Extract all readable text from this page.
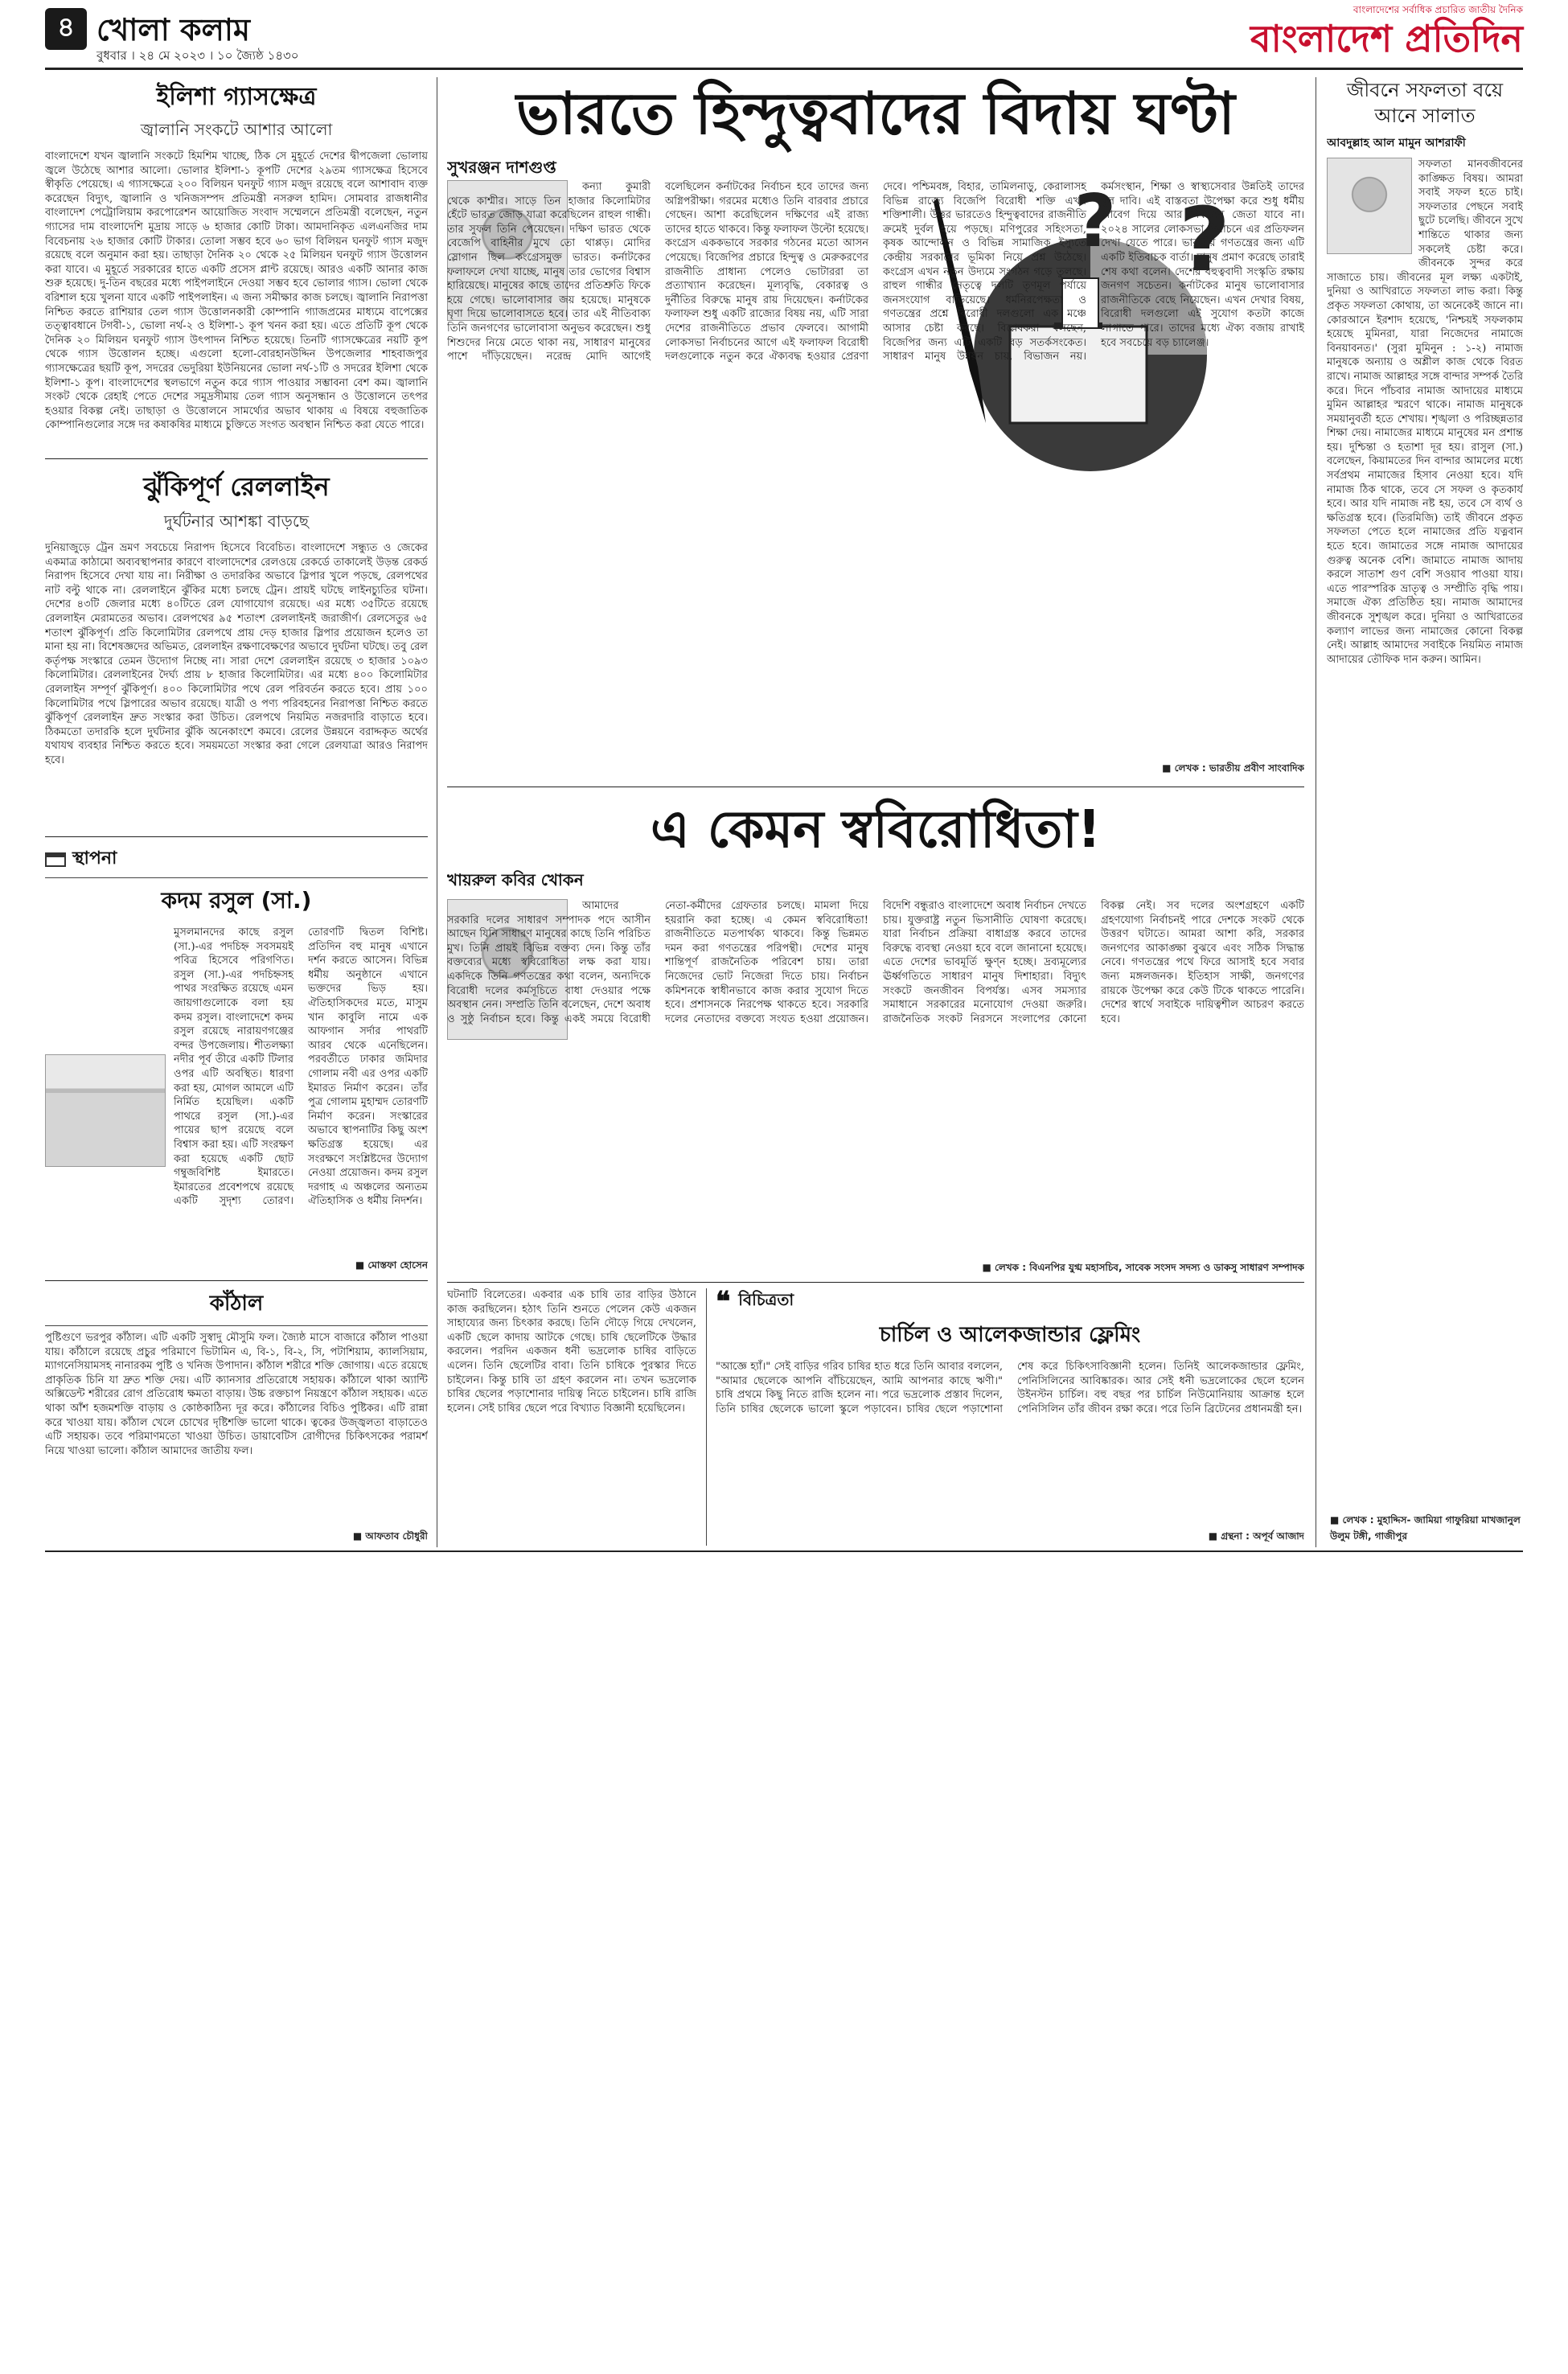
৪ খোলা কলাম
বুধবার । ২৪ মে ২০২৩ । ১০ জ্যৈষ্ঠ ১৪৩০
বাংলাদেশের সর্বাধিক প্রচারিত জাতীয় দৈনিক
বাংলাদেশ প্রতিদিন
ইলিশা গ্যাসক্ষেত্র
জ্বালানি সংকটে আশার আলো
বাংলাদেশে যখন জ্বালানি সংকটে হিমশিম খাচ্ছে, ঠিক সে মুহূর্তে দেশের দ্বীপজেলা ভোলায় জ্বলে উঠেছে আশার আলো। ভোলার ইলিশা-১ কূপটি দেশের ২৯তম গ্যাসক্ষেত্র হিসেবে স্বীকৃতি পেয়েছে। এ গ্যাসক্ষেত্রে ২০০ বিলিয়ন ঘনফুট গ্যাস মজুদ রয়েছে বলে আশাবাদ ব্যক্ত করেছেন বিদ্যুৎ, জ্বালানি ও খনিজসম্পদ প্রতিমন্ত্রী নসরুল হামিদ। সোমবার রাজধানীর বাংলাদেশ পেট্রোলিয়াম করপোরেশন আয়োজিত সংবাদ সম্মেলনে প্রতিমন্ত্রী বলেছেন, নতুন গ্যাসের দাম বাংলাদেশি মুদ্রায় সাড়ে ৬ হাজার কোটি টাকা। আমদানিকৃত এলএনজির দাম বিবেচনায় ২৬ হাজার কোটি টাকার। তোলা সম্ভব হবে ৬০ ভাগ বিলিয়ন ঘনফুট গ্যাস মজুদ রয়েছে বলে অনুমান করা হয়। তাছাড়া দৈনিক ২০ থেকে ২৫ মিলিয়ন ঘনফুট গ্যাস উত্তোলন করা যাবে। এ মুহূর্তে সরকারের হাতে একটি প্রসেস প্লান্ট রয়েছে। আরও একটি আনার কাজ শুরু হয়েছে। দু-তিন বছরের মধ্যে পাইপলাইনে দেওয়া সম্ভব হবে ভোলার গ্যাস। ভোলা থেকে বরিশাল হয়ে খুলনা যাবে একটি পাইপলাইন। এ জন্য সমীক্ষার কাজ চলছে। জ্বালানি নিরাপত্তা নিশ্চিত করতে রাশিয়ার তেল গ্যাস উত্তোলনকারী কোম্পানি গ্যাজপ্রমের মাধ্যমে বাপেক্সের তত্ত্বাবধানে টগবী-১, ভোলা নর্থ-২ ও ইলিশা-১ কূপ খনন করা হয়। এতে প্রতিটি কূপ থেকে দৈনিক ২০ মিলিয়ন ঘনফুট গ্যাস উৎপাদন নিশ্চিত হয়েছে। তিনটি গ্যাসক্ষেত্রের নয়টি কূপ থেকে গ্যাস উত্তোলন হচ্ছে। এগুলো হলো-বোরহানউদ্দিন উপজেলার শাহবাজপুর গ্যাসক্ষেত্রের ছয়টি কূপ, সদরের ভেদুরিয়া ইউনিয়নের ভোলা নর্থ-১টি ও সদরের ইলিশা থেকে ইলিশা-১ কূপ। বাংলাদেশের স্থলভাগে নতুন করে গ্যাস পাওয়ার সম্ভাবনা বেশ কম। জ্বালানি সংকট থেকে রেহাই পেতে দেশের সমুদ্রসীমায় তেল গ্যাস অনুসন্ধান ও উত্তোলনে তৎপর হওয়ার বিকল্প নেই। তাছাড়া ও উত্তোলনে সামর্থ্যের অভাব থাকায় এ বিষয়ে বহুজাতিক কোম্পানিগুলোর সঙ্গে দর কষাকষির মাধ্যমে চুক্তিতে সংগত অবস্থান নিশ্চিত করা যেতে পারে।
ঝুঁকিপূর্ণ রেললাইন
দুর্ঘটনার আশঙ্কা বাড়ছে
দুনিয়াজুড়ে ট্রেন ভ্রমণ সবচেয়ে নিরাপদ হিসেবে বিবেচিত। বাংলাদেশে সন্ধ্যুত ও জেকের একমাত্র কাঠামো অব্যবস্থাপনার কারণে বাংলাদেশের রেলওয়ে রেকর্ডে তাকালেই উড়ন্ত রেকর্ড নিরাপদ হিসেবে দেখা যায় না। নিরীক্ষা ও তদারকির অভাবে স্লিপার খুলে পড়ছে, রেলপথের নাট বল্টু থাকে না। রেললাইনে ঝুঁকির মধ্যে চলছে ট্রেন। প্রায়ই ঘটছে লাইনচ্যুতির ঘটনা। দেশের ৪৩টি জেলার মধ্যে ৪০টিতে রেল যোগাযোগ রয়েছে। এর মধ্যে ৩৫টিতে রয়েছে রেললাইন মেরামতের অভাব। রেলপথের ৯৫ শতাংশ রেললাইনই জরাজীর্ণ। রেলসেতুর ৬৫ শতাংশ ঝুঁকিপূর্ণ। প্রতি কিলোমিটার রেলপথে প্রায় দেড় হাজার স্লিপার প্রয়োজন হলেও তা মানা হয় না। বিশেষজ্ঞদের অভিমত, রেললাইন রক্ষণাবেক্ষণের অভাবে দুর্ঘটনা ঘটছে। তবু রেল কর্তৃপক্ষ সংস্কারে তেমন উদ্যোগ নিচ্ছে না। সারা দেশে রেললাইন রয়েছে ৩ হাজার ১০৯৩ কিলোমিটার। রেললাইনের দৈর্ঘ্য প্রায় ৮ হাজার কিলোমিটার। এর মধ্যে ৪০০ কিলোমিটার রেললাইন সম্পূর্ণ ঝুঁকিপূর্ণ। ৪০০ কিলোমিটার পথে রেল পরিবর্তন করতে হবে। প্রায় ১০০ কিলোমিটার পথে স্লিপারের অভাব রয়েছে। যাত্রী ও পণ্য পরিবহনের নিরাপত্তা নিশ্চিত করতে ঝুঁকিপূর্ণ রেললাইন দ্রুত সংস্কার করা উচিত। রেলপথে নিয়মিত নজরদারি বাড়াতে হবে। ঠিকমতো তদারকি হলে দুর্ঘটনার ঝুঁকি অনেকাংশে কমবে। রেলের উন্নয়নে বরাদ্দকৃত অর্থের যথাযথ ব্যবহার নিশ্চিত করতে হবে। সময়মতো সংস্কার করা গেলে রেলযাত্রা আরও নিরাপদ হবে।
স্থাপনা
কদম রসুল (সা.)
মুসলমানদের কাছে রসুল (সা.)-এর পদচিহ্ন সবসময়ই পবিত্র হিসেবে পরিগণিত। রসুল (সা.)-এর পদচিহ্নসহ পাথর সংরক্ষিত রয়েছে এমন জায়গাগুলোকে বলা হয় কদম রসুল। বাংলাদেশে কদম রসুল রয়েছে নারায়ণগঞ্জের বন্দর উপজেলায়। শীতলক্ষ্যা নদীর পূর্ব তীরে একটি টিলার ওপর এটি অবস্থিত। ধারণা করা হয়, মোগল আমলে এটি নির্মিত হয়েছিল। একটি পাথরে রসুল (সা.)-এর পায়ের ছাপ রয়েছে বলে বিশ্বাস করা হয়। এটি সংরক্ষণ করা হয়েছে একটি ছোট গম্বুজবিশিষ্ট ইমারতে। ইমারতের প্রবেশপথে রয়েছে একটি সুদৃশ্য তোরণ। তোরণটি দ্বিতল বিশিষ্ট। প্রতিদিন বহু মানুষ এখানে দর্শন করতে আসেন। বিভিন্ন ধর্মীয় অনুষ্ঠানে এখানে ভক্তদের ভিড় হয়। ঐতিহাসিকদের মতে, মাসুম খান কাবুলি নামে এক আফগান সর্দার পাথরটি আরব থেকে এনেছিলেন। পরবর্তীতে ঢাকার জমিদার গোলাম নবী এর ওপর একটি ইমারত নির্মাণ করেন। তাঁর পুত্র গোলাম মুহাম্মদ তোরণটি নির্মাণ করেন। সংস্কারের অভাবে স্থাপনাটির কিছু অংশ ক্ষতিগ্রস্ত হয়েছে। এর সংরক্ষণে সংশ্লিষ্টদের উদ্যোগ নেওয়া প্রয়োজন। কদম রসুল দরগাহ এ অঞ্চলের অন্যতম ঐতিহাসিক ও ধর্মীয় নিদর্শন।
■ মোস্তফা হোসেন
কাঁঠাল
পুষ্টিগুণে ভরপুর কাঁঠাল। এটি একটি সুস্বাদু মৌসুমি ফল। জ্যৈষ্ঠ মাসে বাজারে কাঁঠাল পাওয়া যায়। কাঁঠালে রয়েছে প্রচুর পরিমাণে ভিটামিন এ, বি-১, বি-২, সি, পটাশিয়াম, ক্যালসিয়াম, ম্যাগনেসিয়ামসহ নানারকম পুষ্টি ও খনিজ উপাদান। কাঁঠাল শরীরে শক্তি জোগায়। এতে রয়েছে প্রাকৃতিক চিনি যা দ্রুত শক্তি দেয়। এটি ক্যানসার প্রতিরোধে সহায়ক। কাঁঠালে থাকা অ্যান্টি অক্সিডেন্ট শরীরের রোগ প্রতিরোধ ক্ষমতা বাড়ায়। উচ্চ রক্তচাপ নিয়ন্ত্রণে কাঁঠাল সহায়ক। এতে থাকা আঁশ হজমশক্তি বাড়ায় ও কোষ্ঠকাঠিন্য দূর করে। কাঁঠালের বিচিও পুষ্টিকর। এটি রান্না করে খাওয়া যায়। কাঁঠাল খেলে চোখের দৃষ্টিশক্তি ভালো থাকে। ত্বকের উজ্জ্বলতা বাড়াতেও এটি সহায়ক। তবে পরিমাণমতো খাওয়া উচিত। ডায়াবেটিস রোগীদের চিকিৎসকের পরামর্শ নিয়ে খাওয়া ভালো। কাঁঠাল আমাদের জাতীয় ফল।
■ আফতাব চৌধুরী
ভারতে হিন্দুত্ববাদের বিদায় ঘণ্টা
সুখরঞ্জন দাশগুপ্ত
?
?
কন্যা কুমারী থেকে কাশ্মীর। সাড়ে তিন হাজার কিলোমিটার হেঁটে ভারত জোড় যাত্রা করেছিলেন রাহুল গান্ধী। তার সুফল তিনি পেয়েছেন। দক্ষিণ ভারত থেকে বেজেপি বাহিনীর মুখে তো থাপ্পড়। মোদির স্লোগান ছিল কংগ্রেসমুক্ত ভারত। কর্নাটকের ফলাফলে দেখা যাচ্ছে, মানুষ তার ভোগের বিশ্বাস হারিয়েছে। মানুষের কাছে তাদের প্রতিশ্রুতি ফিকে হয়ে গেছে। ভালোবাসার জয় হয়েছে। মানুষকে ঘৃণা দিয়ে ভালোবাসতে হবে। তার এই নীতিবাক্য তিনি জনগণের ভালোবাসা অনুভব করেছেন। শুধু শিশুদের নিয়ে মেতে থাকা নয়, সাধারণ মানুষের পাশে দাঁড়িয়েছেন। নরেন্দ্র মোদি আগেই বলেছিলেন কর্নাটকের নির্বাচন হবে তাদের জন্য অগ্নিপরীক্ষা। গরমের মধ্যেও তিনি বারবার প্রচারে গেছেন। আশা করেছিলেন দক্ষিণের এই রাজ্য তাদের হাতে থাকবে। কিন্তু ফলাফল উল্টো হয়েছে। কংগ্রেস এককভাবে সরকার গঠনের মতো আসন পেয়েছে। বিজেপির প্রচারে হিন্দুত্ব ও মেরুকরণের রাজনীতি প্রাধান্য পেলেও ভোটাররা তা প্রত্যাখ্যান করেছেন। মূল্যবৃদ্ধি, বেকারত্ব ও দুর্নীতির বিরুদ্ধে মানুষ রায় দিয়েছেন। কর্নাটকের ফলাফল শুধু একটি রাজ্যের বিষয় নয়, এটি সারা দেশের রাজনীতিতে প্রভাব ফেলবে। আগামী লোকসভা নির্বাচনের আগে এই ফলাফল বিরোধী দলগুলোকে নতুন করে ঐক্যবদ্ধ হওয়ার প্রেরণা দেবে। পশ্চিমবঙ্গ, বিহার, তামিলনাড়ু, কেরালাসহ বিভিন্ন রাজ্যে বিজেপি বিরোধী শক্তি এখন শক্তিশালী। উত্তর ভারতেও হিন্দুত্ববাদের রাজনীতি ক্রমেই দুর্বল হয়ে পড়ছে। মণিপুরের সহিংসতা, কৃষক আন্দোলন ও বিভিন্ন সামাজিক ইস্যুতে কেন্দ্রীয় সরকারের ভূমিকা নিয়ে প্রশ্ন উঠেছে। কংগ্রেস এখন নতুন উদ্যমে সংগঠন গড়ে তুলছে। রাহুল গান্ধীর নেতৃত্বে দলটি তৃণমূল পর্যায়ে জনসংযোগ বাড়িয়েছে। ধর্মনিরপেক্ষতা ও গণতন্ত্রের প্রশ্নে বিরোধী দলগুলো এক মঞ্চে আসার চেষ্টা করছে। বিশ্লেষকরা বলছেন, বিজেপির জন্য এটি একটি বড় সতর্কসংকেত। সাধারণ মানুষ উন্নয়ন চায়, বিভাজন নয়। কর্মসংস্থান, শিক্ষা ও স্বাস্থ্যসেবার উন্নতিই তাদের মূল দাবি। এই বাস্তবতা উপেক্ষা করে শুধু ধর্মীয় আবেগ দিয়ে আর নির্বাচনে জেতা যাবে না। ২০২৪ সালের লোকসভা নির্বাচনে এর প্রতিফলন দেখা যেতে পারে। ভারতীয় গণতন্ত্রের জন্য এটি একটি ইতিবাচক বার্তা। মানুষ প্রমাণ করেছে তারাই শেষ কথা বলেন। দেশের বহুত্ববাদী সংস্কৃতি রক্ষায় জনগণ সচেতন। কর্নাটকের মানুষ ভালোবাসার রাজনীতিকে বেছে নিয়েছেন। এখন দেখার বিষয়, বিরোধী দলগুলো এই সুযোগ কতটা কাজে লাগাতে পারে। তাদের মধ্যে ঐক্য বজায় রাখাই হবে সবচেয়ে বড় চ্যালেঞ্জ।
■ লেখক : ভারতীয় প্রবীণ সাংবাদিক
এ কেমন স্ববিরোধিতা!
খায়রুল কবির খোকন
আমাদের সরকারি দলের সাধারণ সম্পাদক পদে আসীন আছেন যিনি সাধারণ মানুষের কাছে তিনি পরিচিত মুখ। তিনি প্রায়ই বিভিন্ন বক্তব্য দেন। কিন্তু তাঁর বক্তব্যের মধ্যে স্ববিরোধিতা লক্ষ করা যায়। একদিকে তিনি গণতন্ত্রের কথা বলেন, অন্যদিকে বিরোধী দলের কর্মসূচিতে বাধা দেওয়ার পক্ষে অবস্থান নেন। সম্প্রতি তিনি বলেছেন, দেশে অবাধ ও সুষ্ঠু নির্বাচন হবে। কিন্তু একই সময়ে বিরোধী নেতা-কর্মীদের গ্রেফতার চলছে। মামলা দিয়ে হয়রানি করা হচ্ছে। এ কেমন স্ববিরোধিতা! রাজনীতিতে মতপার্থক্য থাকবে। কিন্তু ভিন্নমত দমন করা গণতন্ত্রের পরিপন্থী। দেশের মানুষ শান্তিপূর্ণ রাজনৈতিক পরিবেশ চায়। তারা নিজেদের ভোট নিজেরা দিতে চায়। নির্বাচন কমিশনকে স্বাধীনভাবে কাজ করার সুযোগ দিতে হবে। প্রশাসনকে নিরপেক্ষ থাকতে হবে। সরকারি দলের নেতাদের বক্তব্যে সংযত হওয়া প্রয়োজন। বিদেশি বন্ধুরাও বাংলাদেশে অবাধ নির্বাচন দেখতে চায়। যুক্তরাষ্ট্র নতুন ভিসানীতি ঘোষণা করেছে। যারা নির্বাচন প্রক্রিয়া বাধাগ্রস্ত করবে তাদের বিরুদ্ধে ব্যবস্থা নেওয়া হবে বলে জানানো হয়েছে। এতে দেশের ভাবমূর্তি ক্ষুণ্ন হচ্ছে। দ্রব্যমূল্যের ঊর্ধ্বগতিতে সাধারণ মানুষ দিশাহারা। বিদ্যুৎ সংকটে জনজীবন বিপর্যস্ত। এসব সমস্যার সমাধানে সরকারের মনোযোগ দেওয়া জরুরি। রাজনৈতিক সংকট নিরসনে সংলাপের কোনো বিকল্প নেই। সব দলের অংশগ্রহণে একটি গ্রহণযোগ্য নির্বাচনই পারে দেশকে সংকট থেকে উত্তরণ ঘটাতে। আমরা আশা করি, সরকার জনগণের আকাঙ্ক্ষা বুঝবে এবং সঠিক সিদ্ধান্ত নেবে। গণতন্ত্রের পথে ফিরে আসাই হবে সবার জন্য মঙ্গলজনক। ইতিহাস সাক্ষী, জনগণের রায়কে উপেক্ষা করে কেউ টিকে থাকতে পারেনি। দেশের স্বার্থে সবাইকে দায়িত্বশীল আচরণ করতে হবে।
■ লেখক : বিএনপির যুগ্ম মহাসচিব, সাবেক সংসদ সদস্য ও ডাকসু সাধারণ সম্পাদক
ঘটনাটি বিলেতের। একবার এক চাষি তার বাড়ির উঠানে কাজ করছিলেন। হঠাৎ তিনি শুনতে পেলেন কেউ একজন সাহায্যের জন্য চিৎকার করছে। তিনি দৌড়ে গিয়ে দেখলেন, একটি ছেলে কাদায় আটকে গেছে। চাষি ছেলেটিকে উদ্ধার করলেন। পরদিন একজন ধনী ভদ্রলোক চাষির বাড়িতে এলেন। তিনি ছেলেটির বাবা। তিনি চাষিকে পুরস্কার দিতে চাইলেন। কিন্তু চাষি তা গ্রহণ করলেন না। তখন ভদ্রলোক চাষির ছেলের পড়াশোনার দায়িত্ব নিতে চাইলেন। চাষি রাজি হলেন। সেই চাষির ছেলে পরে বিখ্যাত বিজ্ঞানী হয়েছিলেন।
❝ বিচিত্রতা
চার্চিল ও আলেকজান্ডার ফ্লেমিং
"আজ্ঞে হ্যাঁ।" সেই বাড়ির গরিব চাষির হাত ধরে তিনি আবার বললেন, "আমার ছেলেকে আপনি বাঁচিয়েছেন, আমি আপনার কাছে ঋণী।" চাষি প্রথমে কিছু নিতে রাজি হলেন না। পরে ভদ্রলোক প্রস্তাব দিলেন, তিনি চাষির ছেলেকে ভালো স্কুলে পড়াবেন। চাষির ছেলে পড়াশোনা শেষ করে চিকিৎসাবিজ্ঞানী হলেন। তিনিই আলেকজান্ডার ফ্লেমিং, পেনিসিলিনের আবিষ্কারক। আর সেই ধনী ভদ্রলোকের ছেলে হলেন উইনস্টন চার্চিল। বহু বছর পর চার্চিল নিউমোনিয়ায় আক্রান্ত হলে পেনিসিলিন তাঁর জীবন রক্ষা করে। পরে তিনি ব্রিটেনের প্রধানমন্ত্রী হন।
■ গ্রন্থনা : অপূর্ব আজাদ
জীবনে সফলতা বয়ে আনে সালাত
আবদুল্লাহ আল মামুন আশরাফী
সফলতা মানবজীবনের কাঙ্ক্ষিত বিষয়। আমরা সবাই সফল হতে চাই। সফলতার পেছনে সবাই ছুটে চলেছি। জীবনে সুখে শান্তিতে থাকার জন্য সকলেই চেষ্টা করে। জীবনকে সুন্দর করে সাজাতে চায়। জীবনের মূল লক্ষ্য একটাই, দুনিয়া ও আখিরাতে সফলতা লাভ করা। কিন্তু প্রকৃত সফলতা কোথায়, তা অনেকেই জানে না। কোরআনে ইরশাদ হয়েছে, 'নিশ্চয়ই সফলকাম হয়েছে মুমিনরা, যারা নিজেদের নামাজে বিনয়াবনত।' (সুরা মুমিনুন : ১-২) নামাজ মানুষকে অন্যায় ও অশ্লীল কাজ থেকে বিরত রাখে। নামাজ আল্লাহর সঙ্গে বান্দার সম্পর্ক তৈরি করে। দিনে পাঁচবার নামাজ আদায়ের মাধ্যমে মুমিন আল্লাহর স্মরণে থাকে। নামাজ মানুষকে সময়ানুবর্তী হতে শেখায়। শৃঙ্খলা ও পরিচ্ছন্নতার শিক্ষা দেয়। নামাজের মাধ্যমে মানুষের মন প্রশান্ত হয়। দুশ্চিন্তা ও হতাশা দূর হয়। রাসুল (সা.) বলেছেন, কিয়ামতের দিন বান্দার আমলের মধ্যে সর্বপ্রথম নামাজের হিসাব নেওয়া হবে। যদি নামাজ ঠিক থাকে, তবে সে সফল ও কৃতকার্য হবে। আর যদি নামাজ নষ্ট হয়, তবে সে ব্যর্থ ও ক্ষতিগ্রস্ত হবে। (তিরমিজি) তাই জীবনে প্রকৃত সফলতা পেতে হলে নামাজের প্রতি যত্নবান হতে হবে। জামাতের সঙ্গে নামাজ আদায়ের গুরুত্ব অনেক বেশি। জামাতে নামাজ আদায় করলে সাতাশ গুণ বেশি সওয়াব পাওয়া যায়। এতে পারস্পরিক ভ্রাতৃত্ব ও সম্প্রীতি বৃদ্ধি পায়। সমাজে ঐক্য প্রতিষ্ঠিত হয়। নামাজ আমাদের জীবনকে সুশৃঙ্খল করে। দুনিয়া ও আখিরাতের কল্যাণ লাভের জন্য নামাজের কোনো বিকল্প নেই। আল্লাহ আমাদের সবাইকে নিয়মিত নামাজ আদায়ের তৌফিক দান করুন। আমিন।
■ লেখক : মুহাদ্দিস- জামিয়া গাফুরিয়া মাখজানুল উলুম টঙ্গী, গাজীপুর
